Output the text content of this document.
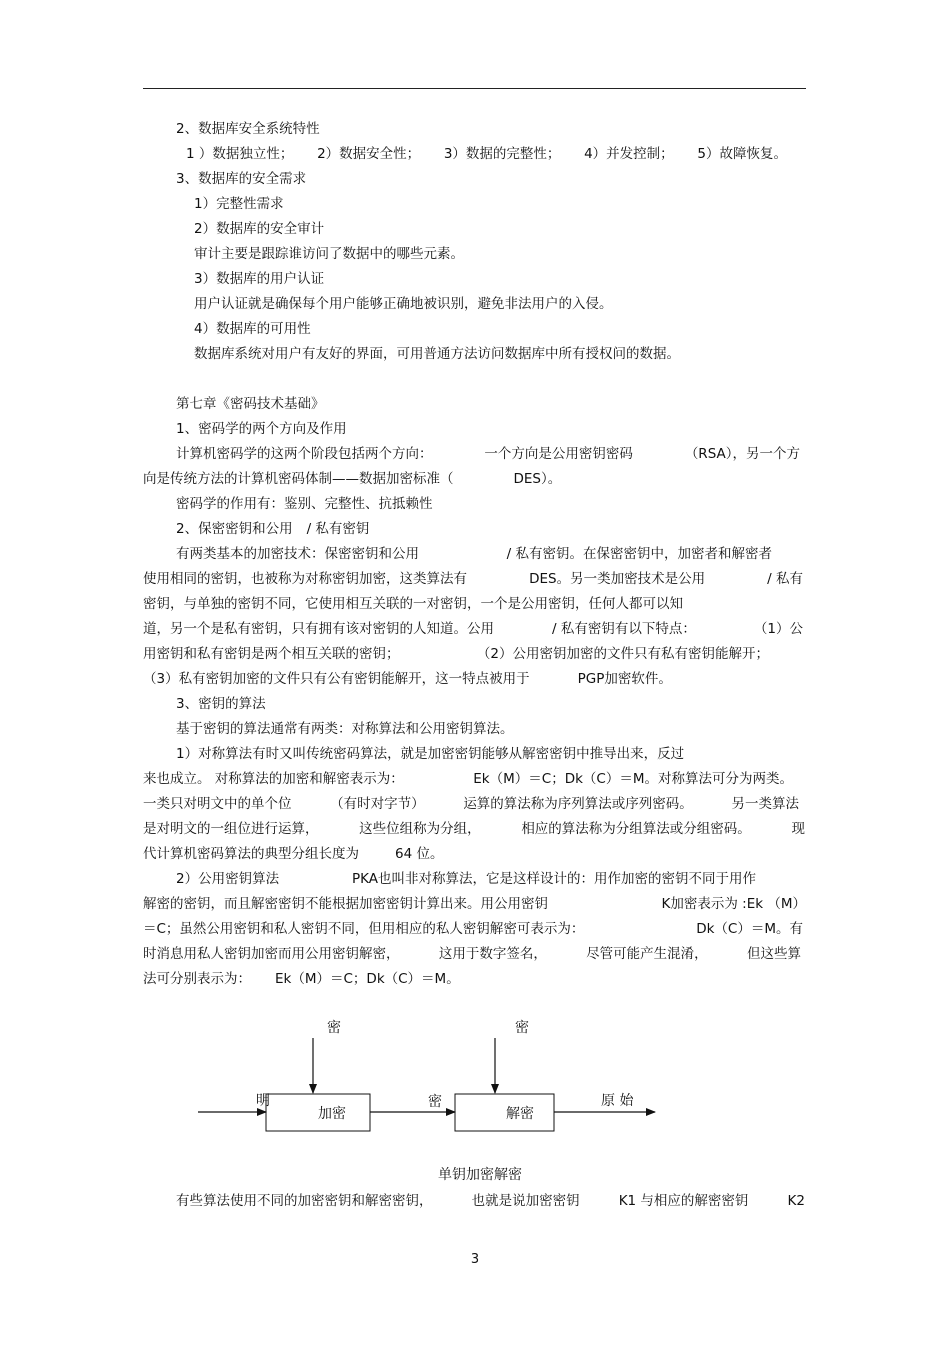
2、数据库安全系统特性

1 ）数据独立性； 2）数据安全性； 3）数据的完整性； 4）并发控制； 5）故障恢复。

3、数据库的安全需求

1）完整性需求

2）数据库的安全审计

审计主要是跟踪谁访问了数据中的哪些元素。

3）数据库的用户认证

用户认证就是确保每个用户能够正确地被识别，避免非法用户的入侵。

4）数据库的可用性

数据库系统对用户有友好的界面，可用普通方法访问数据库中所有授权问的数据。

第七章《密码技术基础》

1、密码学的两个方向及作用

计算机密码学的这两个阶段包括两个方向：	一个方向是公用密钥密码	（RSA），另一个方

向是传统方法的计算机密码体制——数据加密标准（	DES）。

密码学的作用有：鉴别、完整性、抗抵赖性

2、保密密钥和公用 / 私有密钥

有两类基本的加密技术：保密密钥和公用	/ 私有密钥。在保密密钥中，加密者和解密者

使用相同的密钥，也被称为对称密钥加密，这类算法有	DES。另一类加密技术是公用	/ 私有

密钥，与单独的密钥不同，它使用相互关联的一对密钥，一个是公用密钥，任何人都可以知

道，另一个是私有密钥，只有拥有该对密钥的人知道。公用	/ 私有密钥有以下特点：	（1）公

用密钥和私有密钥是两个相互关联的密钥；	（2）公用密钥加密的文件只有私有密钥能解开；

（3）私有密钥加密的文件只有公有密钥能解开，这一特点被用于	PGP加密软件。

3、密钥的算法

基于密钥的算法通常有两类：对称算法和公用密钥算法。

1）对称算法有时又叫传统密码算法，就是加密密钥能够从解密密钥中推导出来，反过

来也成立。 对称算法的加密和解密表示为：	Ek（M）＝C；Dk（C）＝M。对称算法可分为两类。

一类只对明文中的单个位	（有时对字节）	运算的算法称为序列算法或序列密码。	另一类算法

是对明文的一组位进行运算，	这些位组称为分组，	相应的算法称为分组算法或分组密码。	现

代计算机密码算法的典型分组长度为	64 位。

2）公用密钥算法	PKA也叫非对称算法，它是这样设计的：用作加密的密钥不同于用作

解密的密钥，而且解密密钥不能根据加密密钥计算出来。用公用密钥	K加密表示为 :Ek （M）

＝C；虽然公用密钥和私人密钥不同，但用相应的私人密钥解密可表示为：	Dk（C）＝M。有

时消息用私人密钥加密而用公用密钥解密，	这用于数字签名，	尽管可能产生混淆，	但这些算

法可分别表示为： Ek（M）＝C；Dk（C）＝M。

密	密
明
加密
密
解密
原 始
单钥加密解密

有些算法使用不同的加密密钥和解密密钥，	也就是说加密密钥	K1 与相应的解密密钥	K2

3
